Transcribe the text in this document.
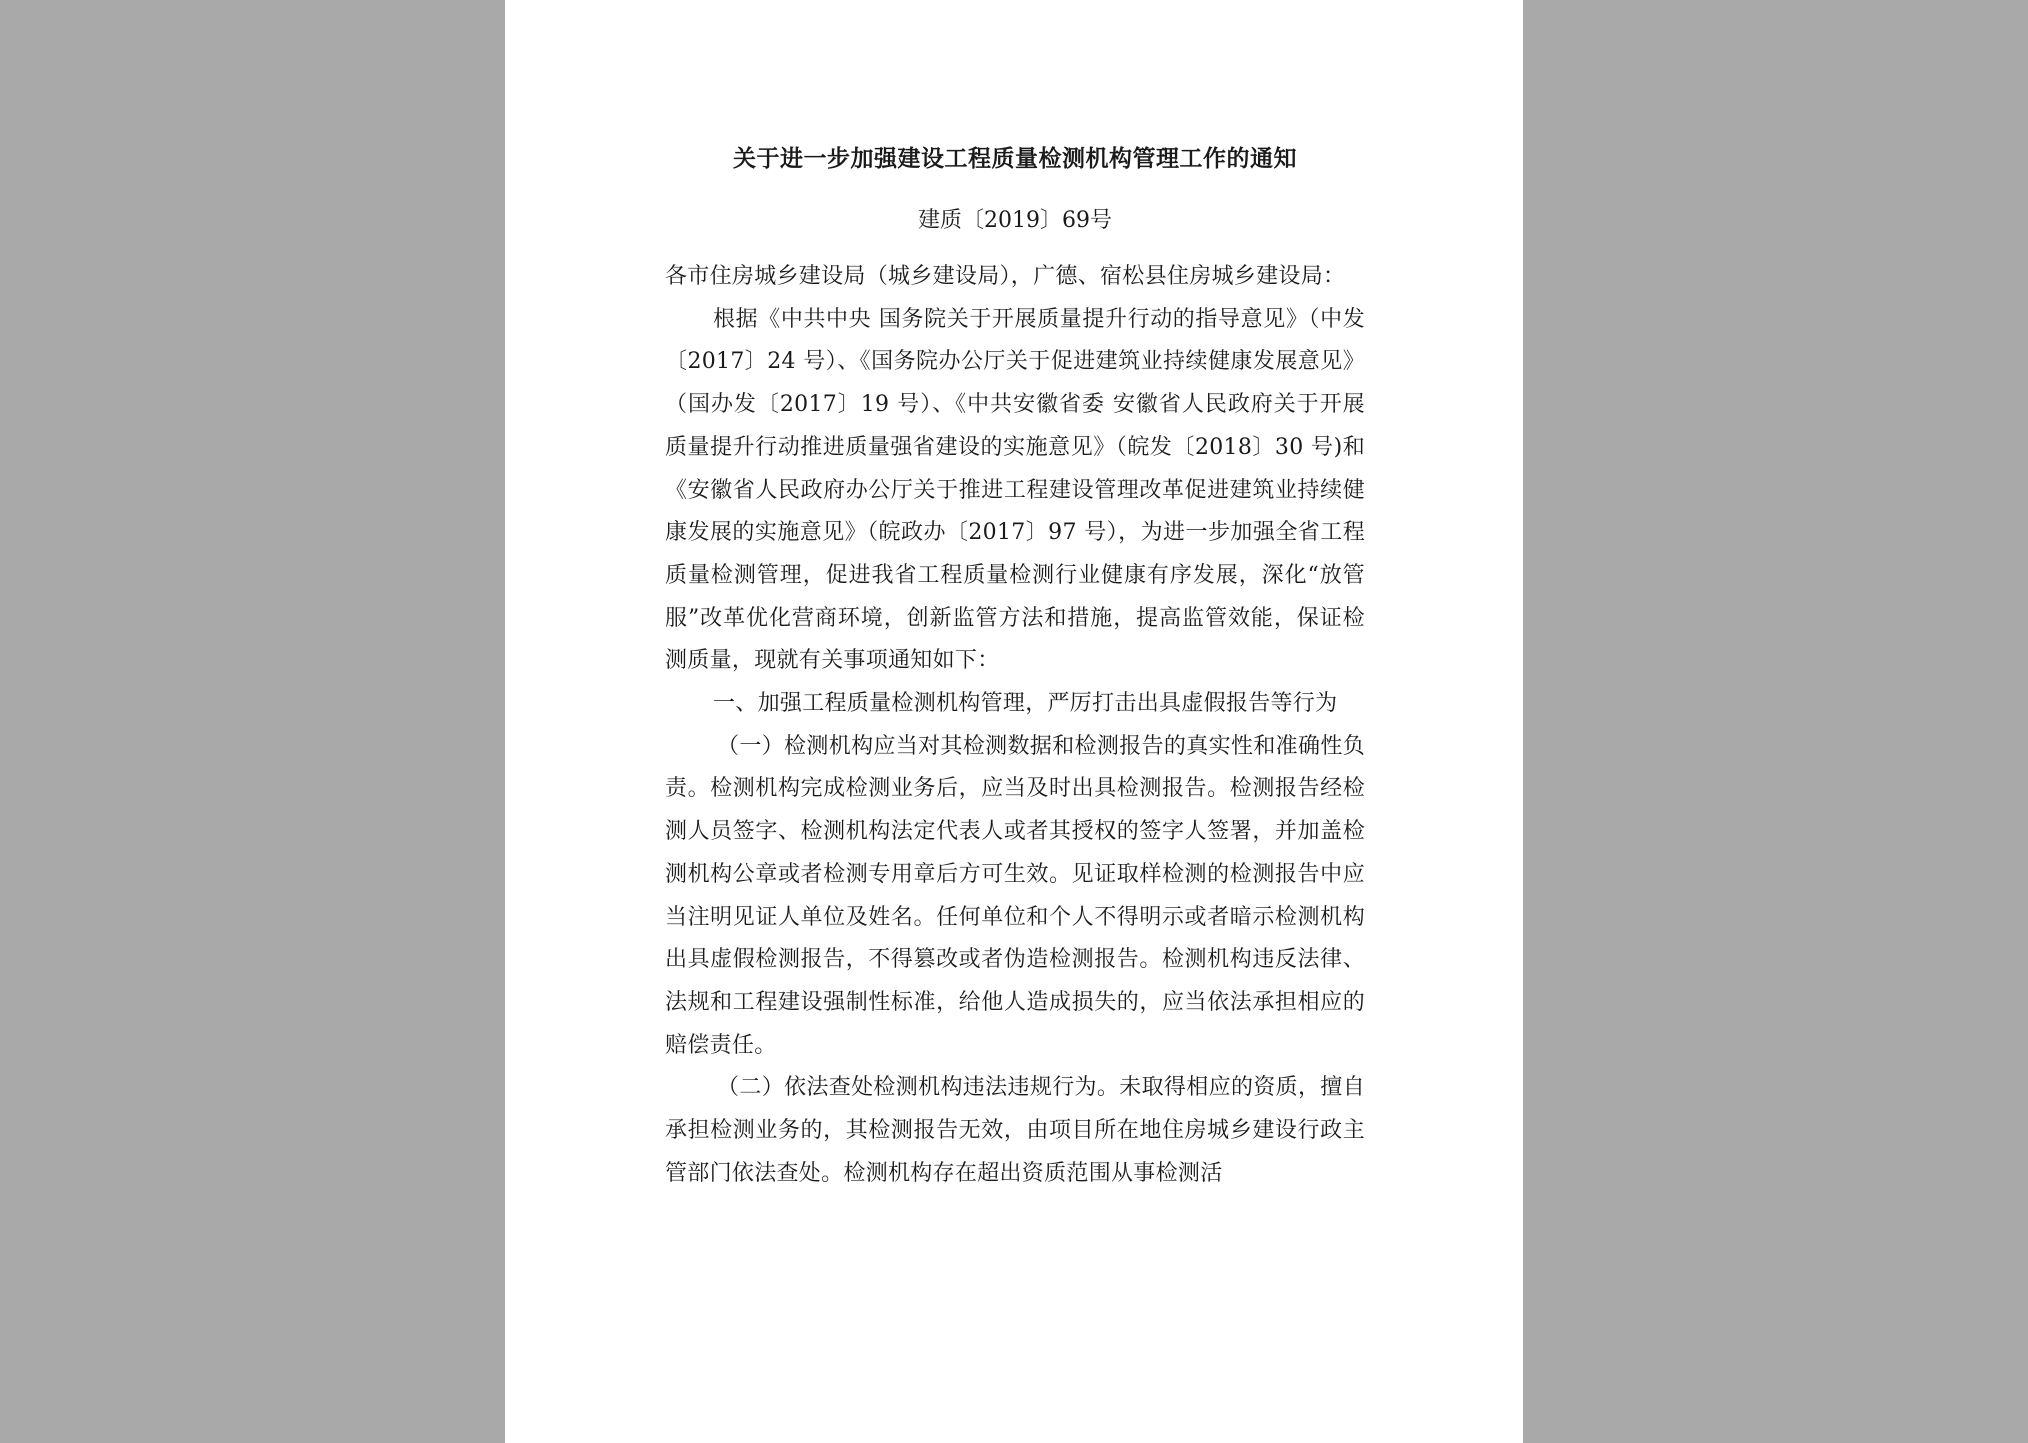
关于进一步加强建设工程质量检测机构管理工作的通知
建质〔2019〕69号

各市住房城乡建设局（城乡建设局），广德、宿松县住房城乡建设局：

根据《中共中央 国务院关于开展质量提升行动的指导意见》（中发〔2017〕24 号）、《国务院办公厅关于促进建筑业持续健康发展意见》（国办发〔2017〕19 号）、《中共安徽省委 安徽省人民政府关于开展质量提升行动推进质量强省建设的实施意见》（皖发〔2018〕30 号)和《安徽省人民政府办公厅关于推进工程建设管理改革促进建筑业持续健康发展的实施意见》（皖政办〔2017〕97 号），为进一步加强全省工程质量检测管理，促进我省工程质量检测行业健康有序发展，深化“放管服”改革优化营商环境，创新监管方法和措施，提高监管效能，保证检测质量，现就有关事项通知如下：

一、加强工程质量检测机构管理，严厉打击出具虚假报告等行为

（一）检测机构应当对其检测数据和检测报告的真实性和准确性负责。检测机构完成检测业务后，应当及时出具检测报告。检测报告经检测人员签字、检测机构法定代表人或者其授权的签字人签署，并加盖检测机构公章或者检测专用章后方可生效。见证取样检测的检测报告中应当注明见证人单位及姓名。任何单位和个人不得明示或者暗示检测机构出具虚假检测报告，不得篡改或者伪造检测报告。检测机构违反法律、法规和工程建设强制性标准，给他人造成损失的，应当依法承担相应的赔偿责任。

（二）依法查处检测机构违法违规行为。未取得相应的资质，擅自承担检测业务的，其检测报告无效，由项目所在地住房城乡建设行政主管部门依法查处。检测机构存在超出资质范围从事检测活
